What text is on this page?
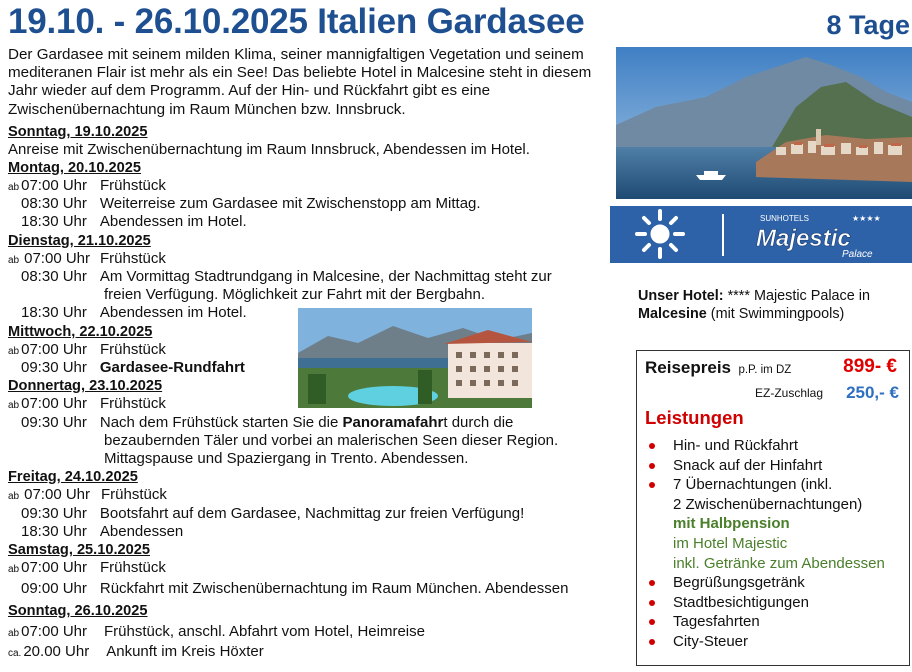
19.10. - 26.10.2025 Italien Gardasee	8 Tage

Der Gardasee mit seinem milden Klima, seiner mannigfaltigen Vegetation und seinem mediteranen Flair ist mehr als ein See! Das beliebte Hotel in Malcesine steht in diesem Jahr wieder auf dem Programm. Auf der Hin- und Rückfahrt gibt es eine Zwischenübernachtung im Raum München bzw. Innsbruck.

Sonntag, 19.10.2025
Anreise mit Zwischenübernachtung im Raum Innsbruck, Abendessen im Hotel.
Montag, 20.10.2025
ab 07:00 Uhr Frühstück
08:30 Uhr Weiterreise zum Gardasee mit Zwischenstopp am Mittag.
18:30 Uhr Abendessen im Hotel.
Dienstag, 21.10.2025
ab 07:00 Uhr Frühstück
08:30 Uhr Am Vormittag Stadtrundgang in Malcesine, der Nachmittag steht zur
freien Verfügung. Möglichkeit zur Fahrt mit der Bergbahn.
18:30 Uhr Abendessen im Hotel.
Mittwoch, 22.10.2025
ab 07:00 Uhr Frühstück
09:30 Uhr Gardasee-Rundfahrt
Donnertag, 23.10.2025
ab 07:00 Uhr Frühstück
09:30 Uhr Nach dem Frühstück starten Sie die Panoramafahrt durch die
bezaubernden Täler und vorbei an malerischen Seen dieser Region.
Mittagspause und Spaziergang in Trento. Abendessen.
Freitag, 24.10.2025
ab 07:00 Uhr Frühstück
09:30 Uhr Bootsfahrt auf dem Gardasee, Nachmittag zur freien Verfügung!
18:30 Uhr Abendessen
Samstag, 25.10.2025
ab 07:00 Uhr Frühstück
09:00 Uhr Rückfahrt mit Zwischenübernachtung im Raum München. Abendessen
Sonntag, 26.10.2025
ab 07:00 Uhr Frühstück, anschl. Abfahrt vom Hotel, Heimreise
ca. 20.00 Uhr Ankunft im Kreis Höxter
SUNHOTELS	★★★★
Majestic
Palace
Unser Hotel: **** Majestic Palace in
Malcesine (mit Swimmingpools)
Reisepreis p.P. im DZ	899- €
EZ-Zuschlag 250,- €
Leistungen
Hin- und Rückfahrt
Snack auf der Hinfahrt
7 Übernachtungen (inkl.
2 Zwischenübernachtungen)
mit Halbpension
im Hotel Majestic
inkl. Getränke zum Abendessen
Begrüßungsgetränk
Stadtbesichtigungen
Tagesfahrten
City-Steuer
